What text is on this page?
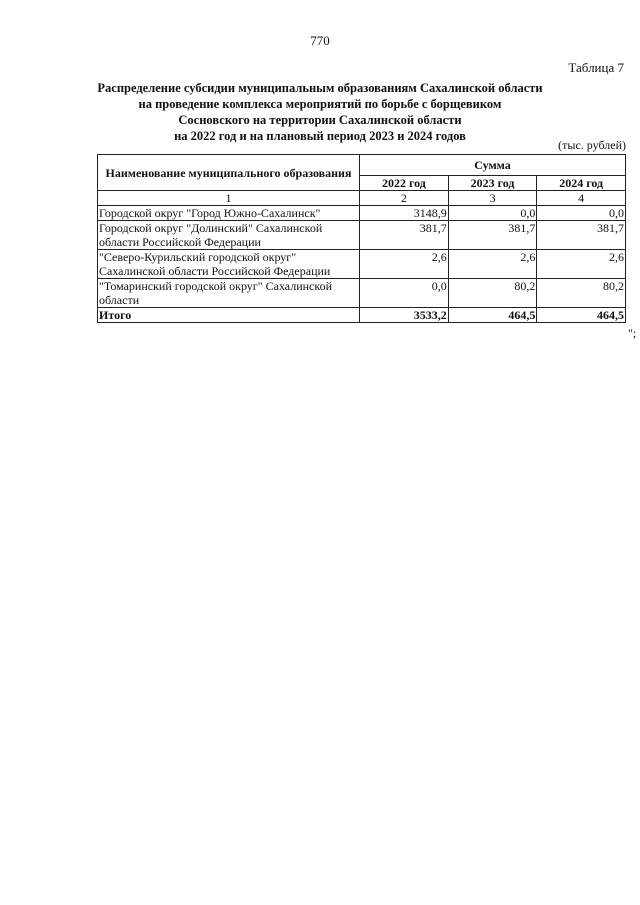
770
Таблица 7
Распределение субсидии муниципальным образованиям Сахалинской области
на проведение комплекса мероприятий по борьбе с борщевиком
Сосновского на территории Сахалинской области
на 2022 год и на плановый период 2023 и 2024 годов
(тыс. рублей)
Наименование муниципального образования	Сумма		
	2022 год	2023 год	2024 год
1	2	3	4
Городской округ "Город Южно-Сахалинск"	3148,9	0,0	0,0
Городской округ "Долинский" Сахалинской области Российской Федерации	381,7	381,7	381,7
"Северо-Курильский городской округ" Сахалинской области Российской Федерации	2,6	2,6	2,6
"Томаринский городской округ" Сахалинской области	0,0	80,2	80,2
Итого	3533,2	464,5	464,5
";
